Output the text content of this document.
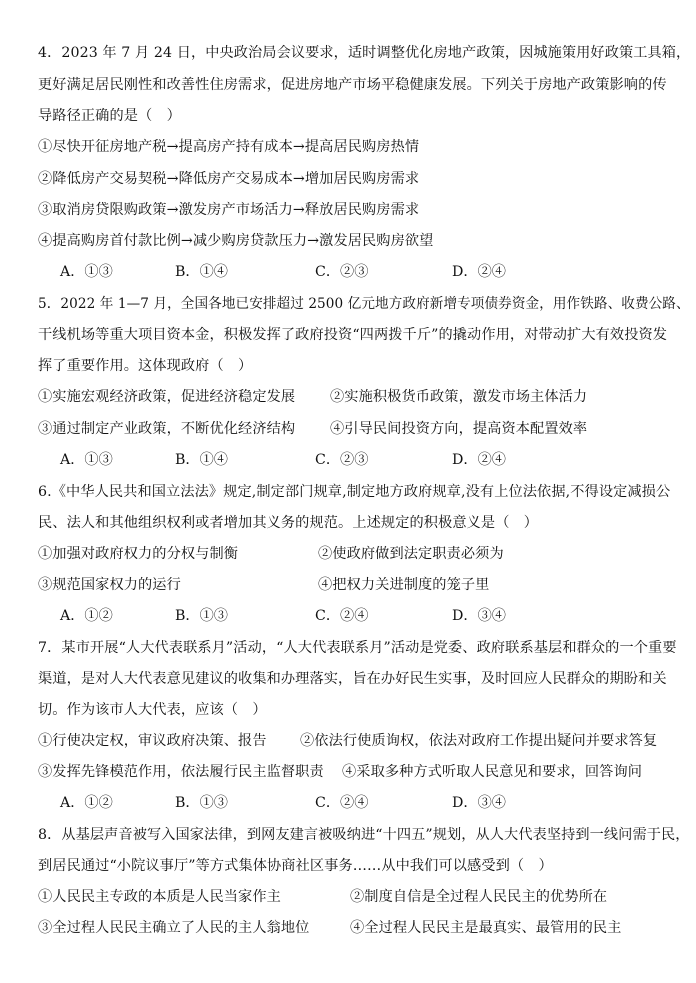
4．2023 年 7 月 24 日，中央政治局会议要求，适时调整优化房地产政策，因城施策用好政策工具箱，
更好满足居民刚性和改善性住房需求，促进房地产市场平稳健康发展。下列关于房地产政策影响的传
导路径正确的是（　）
①尽快开征房地产税→提高房产持有成本→提高居民购房热情
②降低房产交易契税→降低房产交易成本→增加居民购房需求
③取消房贷限购政策→激发房产市场活力→释放居民购房需求
④提高购房首付款比例→减少购房贷款压力→激发居民购房欲望
A．①③	B．①④	C．②③	D．②④
5．2022 年 1—7 月，全国各地已安排超过 2500 亿元地方政府新增专项债券资金，用作铁路、收费公路、
干线机场等重大项目资本金，积极发挥了政府投资“四两拨千斤”的撬动作用，对带动扩大有效投资发
挥了重要作用。这体现政府（　）
①实施宏观经济政策，促进经济稳定发展 ②实施积极货币政策，激发市场主体活力
③通过制定产业政策，不断优化经济结构 ④引导民间投资方向，提高资本配置效率
A．①③	B．①④	C．②③	D．②④
6.《中华人民共和国立法法》规定,制定部门规章,制定地方政府规章,没有上位法依据,不得设定减损公
民、法人和其他组织权利或者增加其义务的规范。上述规定的积极意义是（　）
①加强对政府权力的分权与制衡	②使政府做到法定职责必须为
③规范国家权力的运行	④把权力关进制度的笼子里
A．①②	B．①③	C．②④	D．③④
7．某市开展“人大代表联系月”活动，“人大代表联系月”活动是党委、政府联系基层和群众的一个重要
渠道，是对人大代表意见建议的收集和办理落实，旨在办好民生实事，及时回应人民群众的期盼和关
切。作为该市人大代表，应该（　）
①行使决定权，审议政府决策、报告 ②依法行使质询权，依法对政府工作提出疑问并要求答复
③发挥先锋模范作用，依法履行民主监督职责 ④采取多种方式听取人民意见和要求，回答询问
A．①②	B．①③	C．②④	D．③④
8．从基层声音被写入国家法律，到网友建言被吸纳进“十四五”规划，从人大代表坚持到一线问需于民，
到居民通过“小院议事厅”等方式集体协商社区事务……从中我们可以感受到（　）
①人民民主专政的本质是人民当家作主	②制度自信是全过程人民民主的优势所在
③全过程人民民主确立了人民的主人翁地位	④全过程人民民主是最真实、最管用的民主
